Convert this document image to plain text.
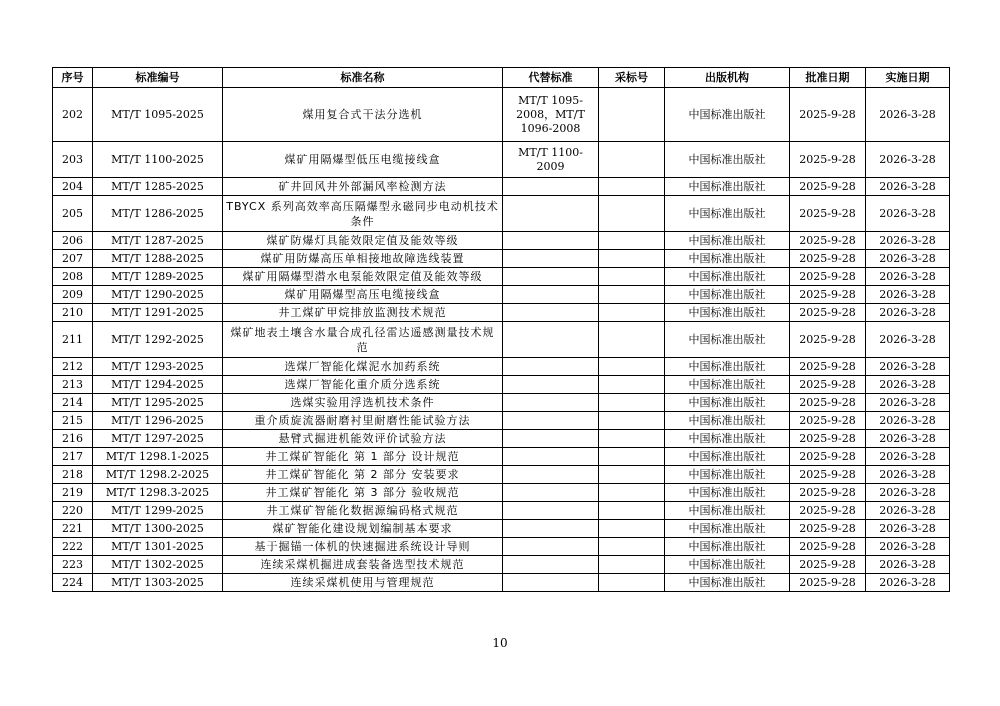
序号	标准编号	标准名称	代替标准	采标号	出版机构	批准日期	实施日期
202	MT/T 1095-2025	煤用复合式干法分选机	MT/T 1095-2008，MT/T 1096-2008		中国标准出版社	2025-9-28	2026-3-28
203	MT/T 1100-2025	煤矿用隔爆型低压电缆接线盒	MT/T 1100-2009		中国标准出版社	2025-9-28	2026-3-28
204	MT/T 1285-2025	矿井回风井外部漏风率检测方法			中国标准出版社	2025-9-28	2026-3-28
205	MT/T 1286-2025	TBYCX 系列高效率高压隔爆型永磁同步电动机技术条件			中国标准出版社	2025-9-28	2026-3-28
206	MT/T 1287-2025	煤矿防爆灯具能效限定值及能效等级			中国标准出版社	2025-9-28	2026-3-28
207	MT/T 1288-2025	煤矿用防爆高压单相接地故障选线装置			中国标准出版社	2025-9-28	2026-3-28
208	MT/T 1289-2025	煤矿用隔爆型潜水电泵能效限定值及能效等级			中国标准出版社	2025-9-28	2026-3-28
209	MT/T 1290-2025	煤矿用隔爆型高压电缆接线盒			中国标准出版社	2025-9-28	2026-3-28
210	MT/T 1291-2025	井工煤矿甲烷排放监测技术规范			中国标准出版社	2025-9-28	2026-3-28
211	MT/T 1292-2025	煤矿地表土壤含水量合成孔径雷达遥感测量技术规范			中国标准出版社	2025-9-28	2026-3-28
212	MT/T 1293-2025	选煤厂智能化煤泥水加药系统			中国标准出版社	2025-9-28	2026-3-28
213	MT/T 1294-2025	选煤厂智能化重介质分选系统			中国标准出版社	2025-9-28	2026-3-28
214	MT/T 1295-2025	选煤实验用浮选机技术条件			中国标准出版社	2025-9-28	2026-3-28
215	MT/T 1296-2025	重介质旋流器耐磨衬里耐磨性能试验方法			中国标准出版社	2025-9-28	2026-3-28
216	MT/T 1297-2025	悬臂式掘进机能效评价试验方法			中国标准出版社	2025-9-28	2026-3-28
217	MT/T 1298.1-2025	井工煤矿智能化 第 1 部分 设计规范			中国标准出版社	2025-9-28	2026-3-28
218	MT/T 1298.2-2025	井工煤矿智能化 第 2 部分 安装要求			中国标准出版社	2025-9-28	2026-3-28
219	MT/T 1298.3-2025	井工煤矿智能化 第 3 部分 验收规范			中国标准出版社	2025-9-28	2026-3-28
220	MT/T 1299-2025	井工煤矿智能化数据源编码格式规范			中国标准出版社	2025-9-28	2026-3-28
221	MT/T 1300-2025	煤矿智能化建设规划编制基本要求			中国标准出版社	2025-9-28	2026-3-28
222	MT/T 1301-2025	基于掘锚一体机的快速掘进系统设计导则			中国标准出版社	2025-9-28	2026-3-28
223	MT/T 1302-2025	连续采煤机掘进成套装备选型技术规范			中国标准出版社	2025-9-28	2026-3-28
224	MT/T 1303-2025	连续采煤机使用与管理规范			中国标准出版社	2025-9-28	2026-3-28
10
